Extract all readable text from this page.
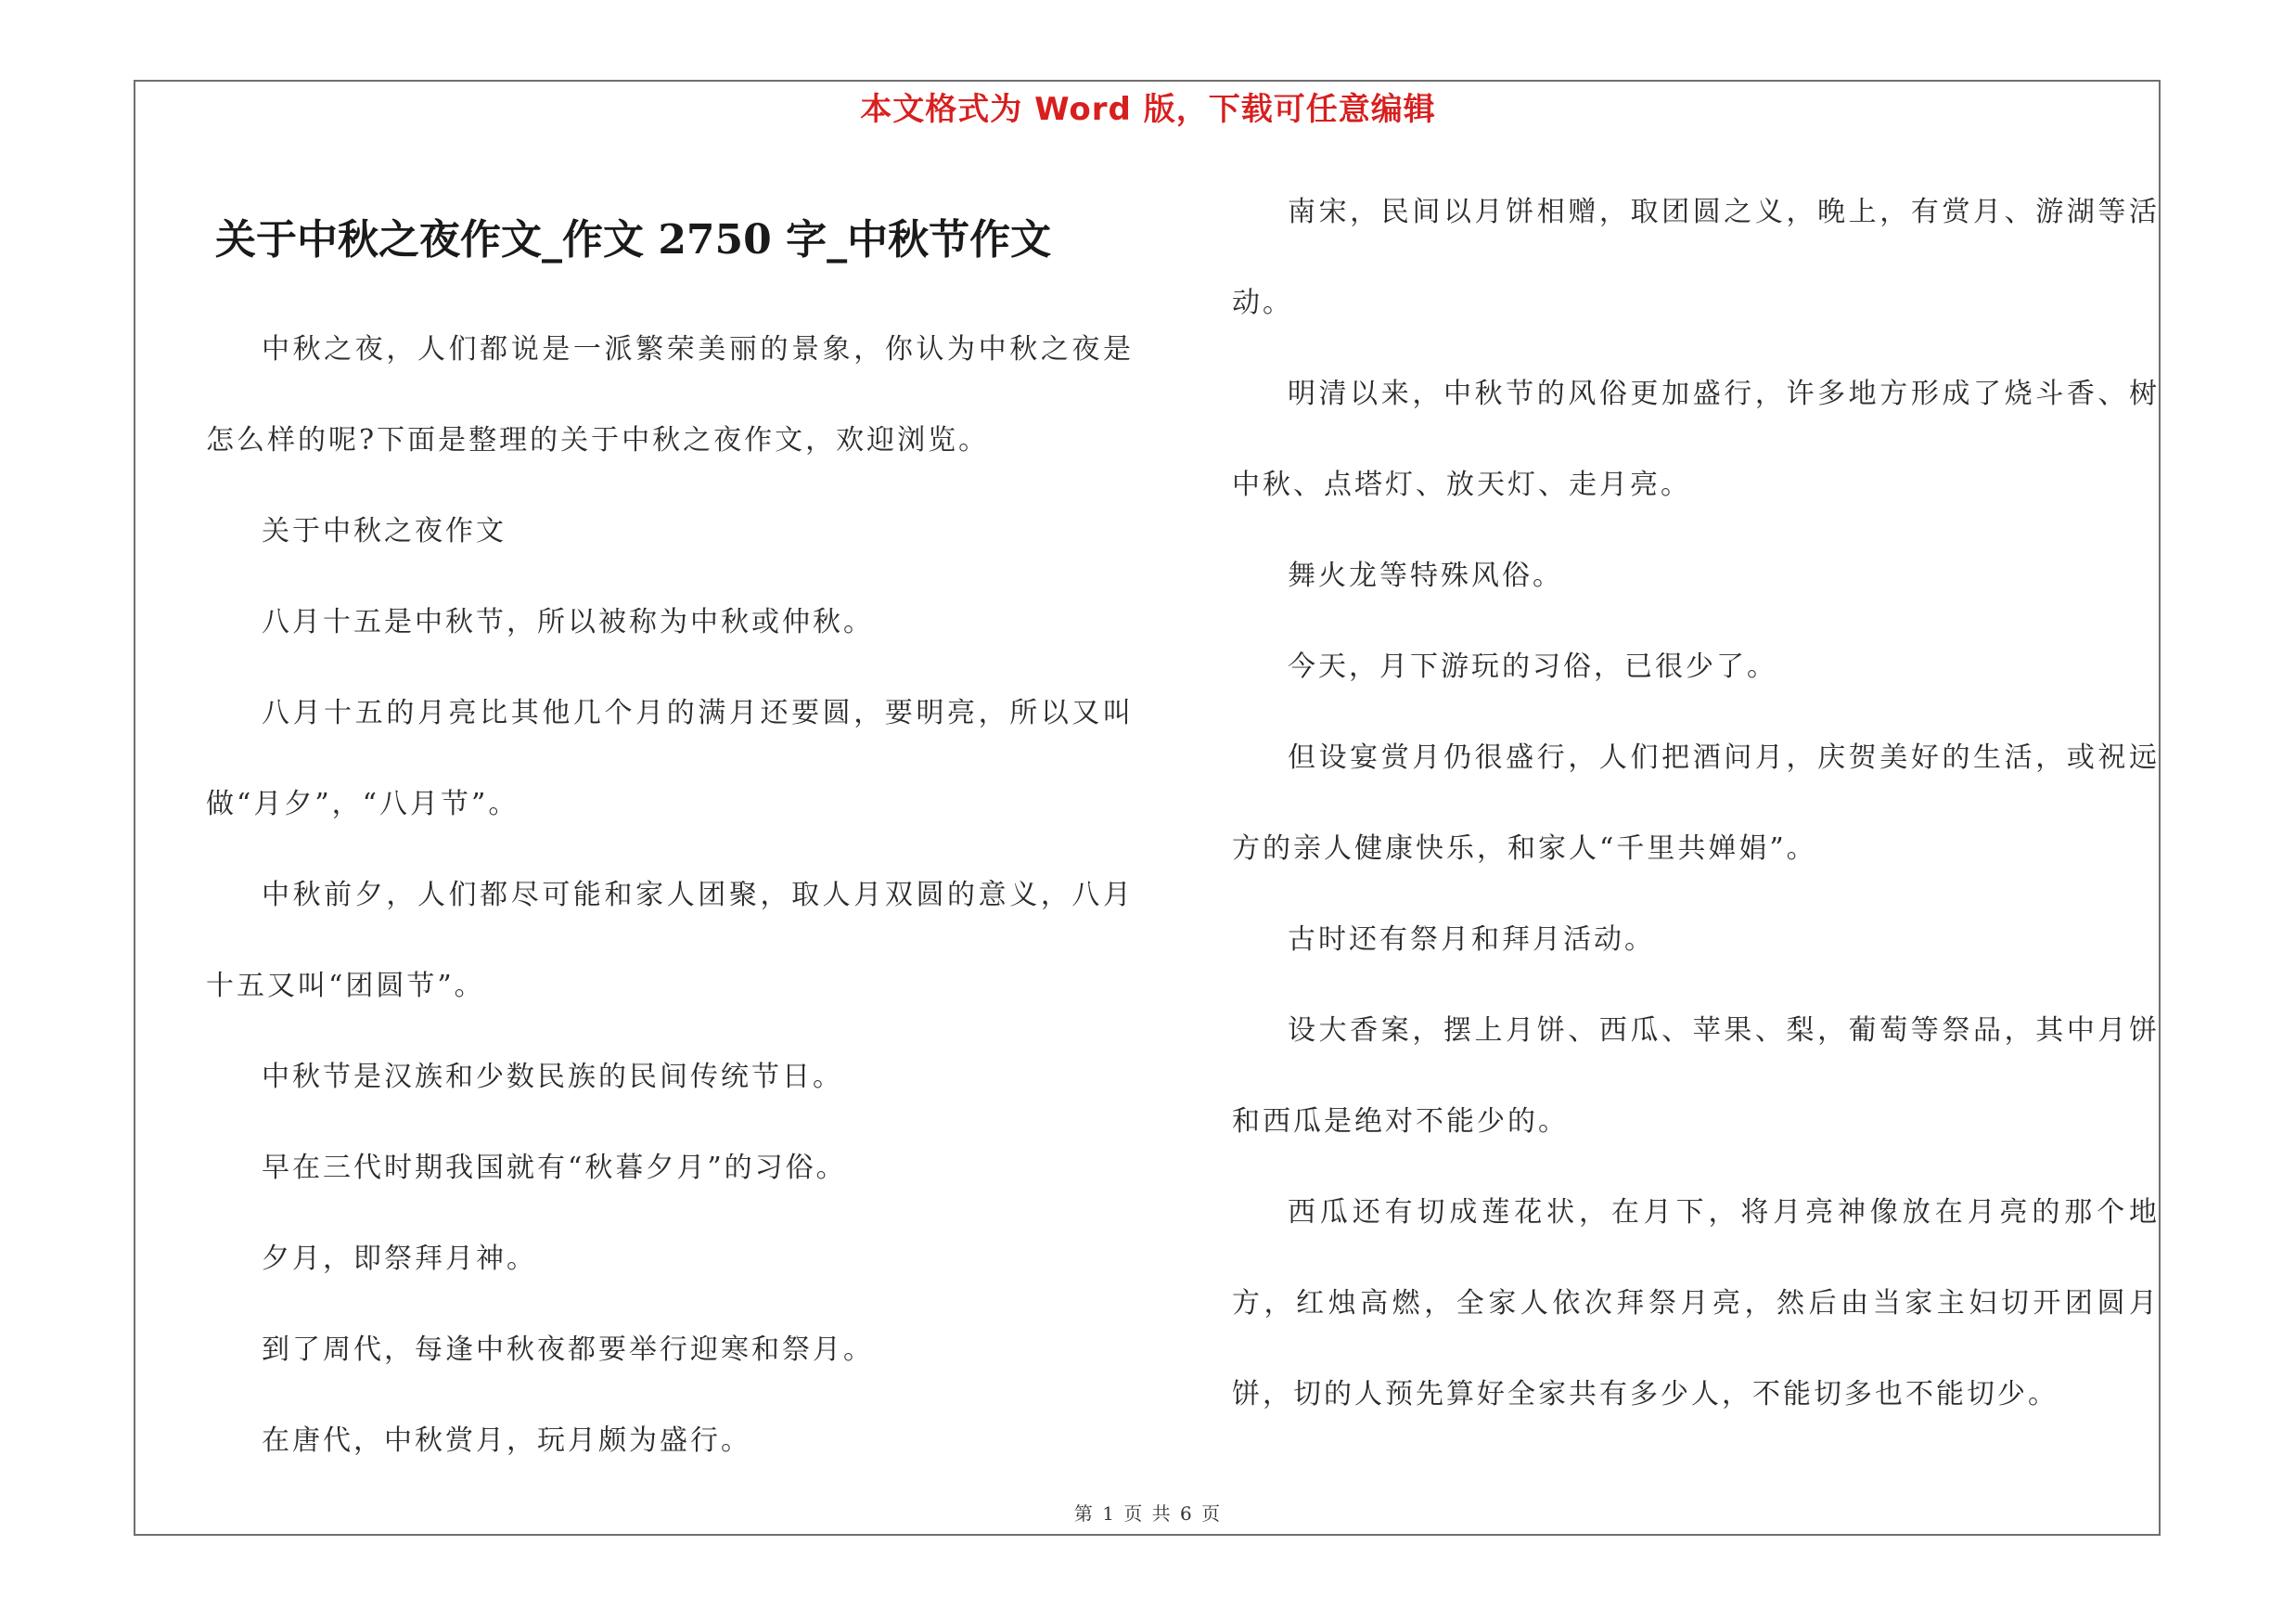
本文格式为 Word 版，下载可任意编辑
关于中秋之夜作文_作文 2750 字_中秋节作文

中秋之夜，人们都说是一派繁荣美丽的景象，你认为中秋之夜是怎么样的呢?下面是整理的关于中秋之夜作文，欢迎浏览。

关于中秋之夜作文

八月十五是中秋节，所以被称为中秋或仲秋。

八月十五的月亮比其他几个月的满月还要圆，要明亮，所以又叫做“月夕”，“八月节”。

中秋前夕，人们都尽可能和家人团聚，取人月双圆的意义，八月十五又叫“团圆节”。

中秋节是汉族和少数民族的民间传统节日。

早在三代时期我国就有“秋暮夕月”的习俗。

夕月，即祭拜月神。

到了周代，每逢中秋夜都要举行迎寒和祭月。

在唐代，中秋赏月，玩月颇为盛行。

南宋，民间以月饼相赠，取团圆之义，晚上，有赏月、游湖等活动。

明清以来，中秋节的风俗更加盛行，许多地方形成了烧斗香、树中秋、点塔灯、放天灯、走月亮。

舞火龙等特殊风俗。

今天，月下游玩的习俗，已很少了。

但设宴赏月仍很盛行，人们把酒问月，庆贺美好的生活，或祝远方的亲人健康快乐，和家人“千里共婵娟”。

古时还有祭月和拜月活动。

设大香案，摆上月饼、西瓜、苹果、梨，葡萄等祭品，其中月饼和西瓜是绝对不能少的。

西瓜还有切成莲花状，在月下，将月亮神像放在月亮的那个地方，红烛高燃，全家人依次拜祭月亮，然后由当家主妇切开团圆月饼，切的人预先算好全家共有多少人，不能切多也不能切少。

第 1 页 共 6 页
